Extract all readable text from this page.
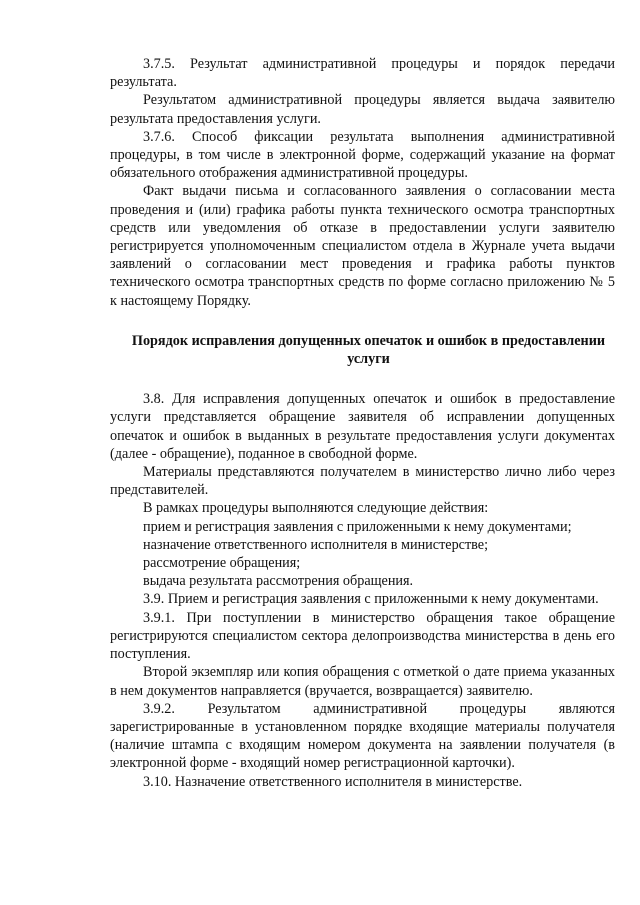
3.7.5. Результат административной процедуры и порядок передачи результата.

Результатом административной процедуры является выдача заявителю результата предоставления услуги.

3.7.6. Способ фиксации результата выполнения административной процедуры, в том числе в электронной форме, содержащий указание на формат обязательного отображения административной процедуры.

Факт выдачи письма и согласованного заявления о согласовании места проведения и (или) графика работы пункта технического осмотра транспортных средств или уведомления об отказе в предоставлении услуги заявителю регистрируется уполномоченным специалистом отдела в Журнале учета выдачи заявлений о согласовании мест проведения и графика работы пунктов технического осмотра транспортных средств по форме согласно приложению № 5 к настоящему Порядку.

Порядок исправления допущенных опечаток и ошибок в предоставлении услуги

3.8. Для исправления допущенных опечаток и ошибок в предоставление услуги представляется обращение заявителя об исправлении допущенных опечаток и ошибок в выданных в результате предоставления услуги документах (далее - обращение), поданное в свободной форме.

Материалы представляются получателем в министерство лично либо через представителей.

В рамках процедуры выполняются следующие действия:

прием и регистрация заявления с приложенными к нему документами;

назначение ответственного исполнителя в министерстве;

рассмотрение обращения;

выдача результата рассмотрения обращения.

3.9. Прием и регистрация заявления с приложенными к нему документами.

3.9.1. При поступлении в министерство обращения такое обращение регистрируются специалистом сектора делопроизводства министерства в день его поступления.

Второй экземпляр или копия обращения с отметкой о дате приема указанных в нем документов направляется (вручается, возвращается) заявителю.

3.9.2. Результатом административной процедуры являются зарегистрированные в установленном порядке входящие материалы получателя (наличие штампа с входящим номером документа на заявлении получателя (в электронной форме - входящий номер регистрационной карточки).

3.10. Назначение ответственного исполнителя в министерстве.
